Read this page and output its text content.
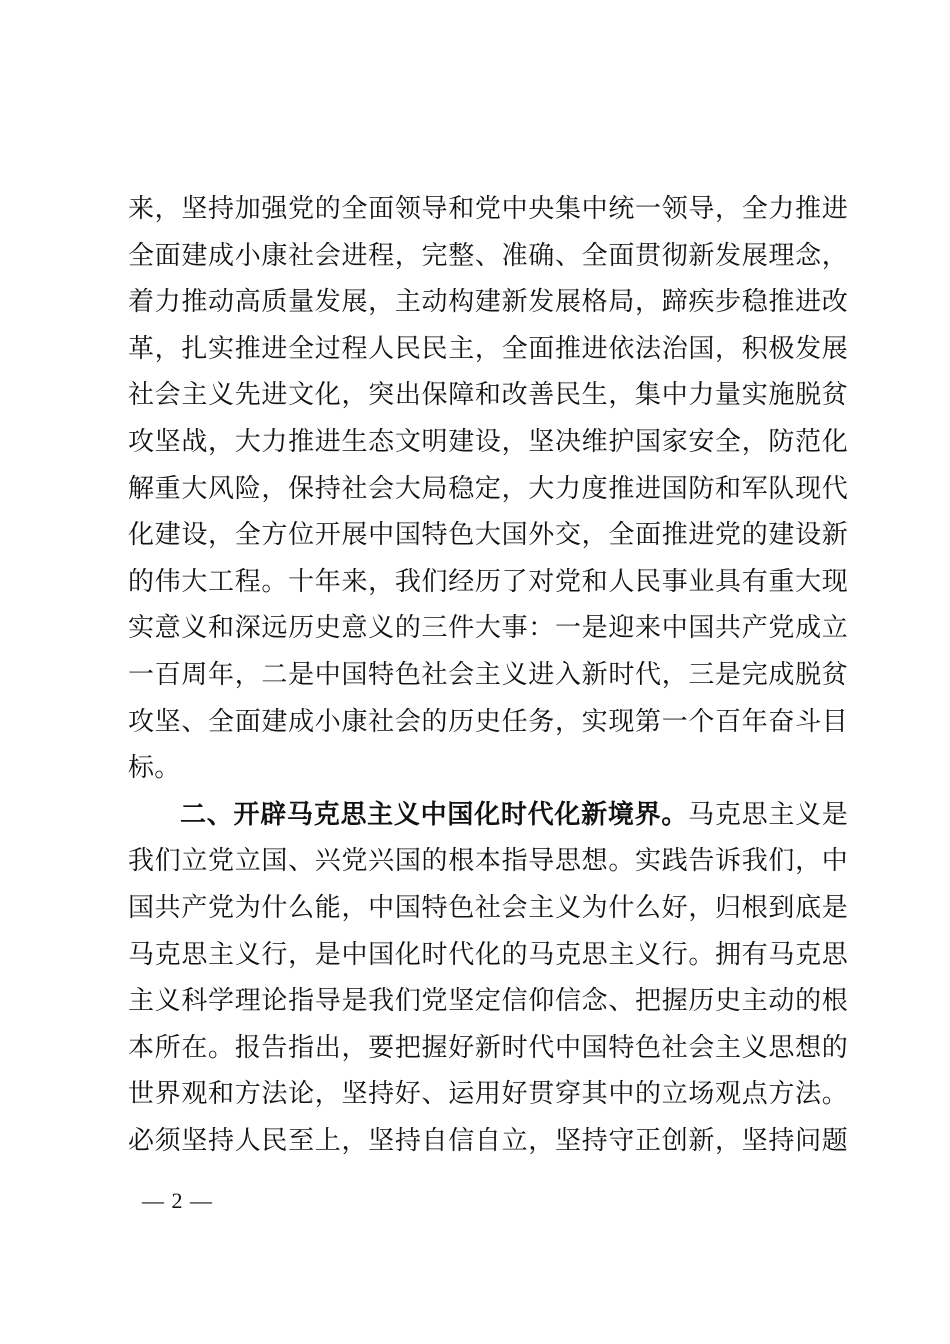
来，坚持加强党的全面领导和党中央集中统一领导，全力推进
全面建成小康社会进程，完整、准确、全面贯彻新发展理念，
着力推动高质量发展，主动构建新发展格局，蹄疾步稳推进改
革，扎实推进全过程人民民主，全面推进依法治国，积极发展
社会主义先进文化，突出保障和改善民生，集中力量实施脱贫
攻坚战，大力推进生态文明建设，坚决维护国家安全，防范化
解重大风险，保持社会大局稳定，大力度推进国防和军队现代
化建设，全方位开展中国特色大国外交，全面推进党的建设新
的伟大工程。十年来，我们经历了对党和人民事业具有重大现
实意义和深远历史意义的三件大事：一是迎来中国共产党成立
一百周年，二是中国特色社会主义进入新时代，三是完成脱贫
攻坚、全面建成小康社会的历史任务，实现第一个百年奋斗目
标。
二、开辟马克思主义中国化时代化新境界。马克思主义是
我们立党立国、兴党兴国的根本指导思想。实践告诉我们，中
国共产党为什么能，中国特色社会主义为什么好，归根到底是
马克思主义行，是中国化时代化的马克思主义行。拥有马克思
主义科学理论指导是我们党坚定信仰信念、把握历史主动的根
本所在。报告指出，要把握好新时代中国特色社会主义思想的
世界观和方法论，坚持好、运用好贯穿其中的立场观点方法。
必须坚持人民至上，坚持自信自立，坚持守正创新，坚持问题
— 2 —
